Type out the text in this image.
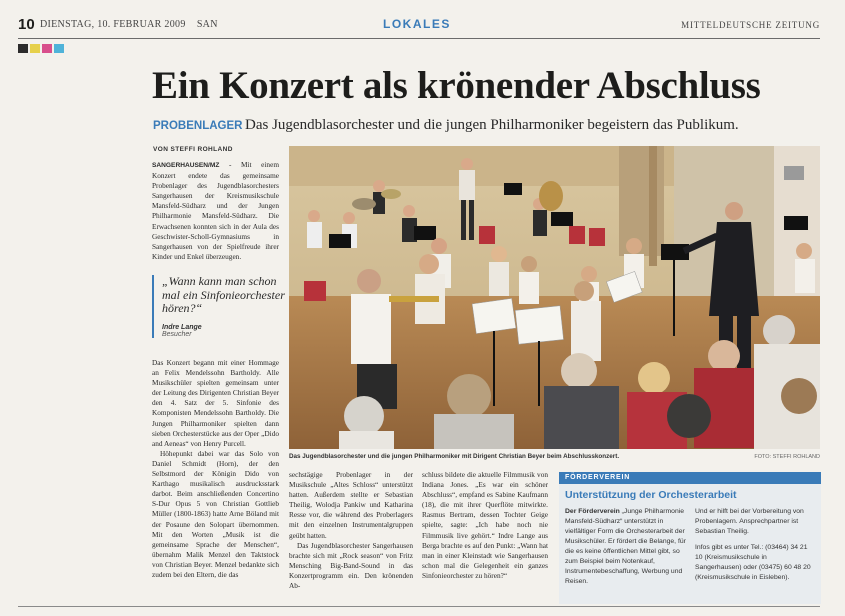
10 DIENSTAG, 10. FEBRUAR 2009    SAN	LOKALES	MITTELDEUTSCHE ZEITUNG
Ein Konzert als krönender Abschluss
PROBENLAGER Das Jugendblasorchester und die jungen Philharmoniker begeistern das Publikum.
VON STEFFI ROHLAND

SANGERHAUSEN/MZ - Mit einem Konzert endete das gemeinsame Probenlager des Jugendblasorchesters Sangerhausen der Kreismusikschule Mansfeld-Südharz und der Jungen Philharmonie Mansfeld-Südharz. Die Erwachsenen konnten sich in der Aula des Geschwister-Scholl-Gymnasiums in Sangerhausen von der Spielfreude ihrer Kinder und Enkel überzeugen.

„Wann kann man schon mal ein Sinfonieorchester hören?“
Indre Lange
Besucher

Das Konzert begann mit einer Hommage an Felix Mendelssohn Bartholdy. Alle Musikschüler spielten gemeinsam unter der Leitung des Dirigenten Christian Beyer den 4. Satz der 5. Sinfonie des Komponisten Mendelssohn Bartholdy. Die Jungen Philharmoniker spielten dann sieben Orchesterstücke aus der Oper „Dido and Aeneas“ von Henry Purcell.

Höhepunkt dabei war das Solo von Daniel Schmidt (Horn), der den Selbstmord der Königin Dido von Karthago musikalisch ausdrucksstark darbot. Beim anschließenden Concertino S-Dur Opus 5 von Christian Gottlieb Müller (1800-1863) hatte Arne Böland mit der Posaune den Solopart übernommen. Mit den Worten „Musik ist die gemeinsame Sprache der Menschen“, übernahm Malik Menzel den Taktstock von Christian Beyer. Menzel bedankte sich zudem bei den Eltern, die das

Das Jugendblasorchester und die jungen Philharmoniker mit Dirigent Christian Beyer beim Abschlusskonzert.	FOTO: STEFFI ROHLAND

sechstägige Probenlager in der Musikschule „Altes Schloss“ unterstützt hatten. Außerdem stellte er Sebastian Theilig, Wolodja Pankiw und Katharina Resse vor, die während des Proberlagers mit den einzelnen Instrumentalgruppen geübt hatten.

Das Jugendblasorchester Sangerhausen brachte sich mit „Rock season“ von Fritz Mensching Big-Band-Sound in das Konzertprogramm ein. Den krönenden Ab-

schluss bildete die aktuelle Filmmusik von Indiana Jones. „Es war ein schöner Abschluss“, empfand es Sabine Kaufmann (18), die mit ihrer Querflöte mitwirkte. Rasmus Bertram, dessen Tochter Geige spielte, sagte: „Ich habe noch nie Filmmusik live gehört.“ Indre Lange aus Berga brachte es auf den Punkt: „Wann hat man in einer Kleinstadt wie Sangerhausen schon mal die Gelegenheit ein ganzes Sinfonieorchester zu hören?“

FÖRDERVEREIN
Unterstützung der Orchesterarbeit
Der Förderverein „Junge Philharmonie Mansfeld-Südharz“ unterstützt in vielfältiger Form die Orchesterarbeit der Musikschüler. Er fördert die Belange, für die es keine öffentlichen Mittel gibt, so zum Beispiel beim Notenkauf, Instrumentebeschaffung, Werbung und Reisen.
Und er hilft bei der Vorbereitung von Probenlagern. Ansprechpartner ist Sebastian Theilig.
Infos gibt es unter Tel.: (03464) 34 21 10 (Kreismusikschule in Sangerhausen) oder (03475) 60 48 20 (Kreismusikschule in Eisleben).
